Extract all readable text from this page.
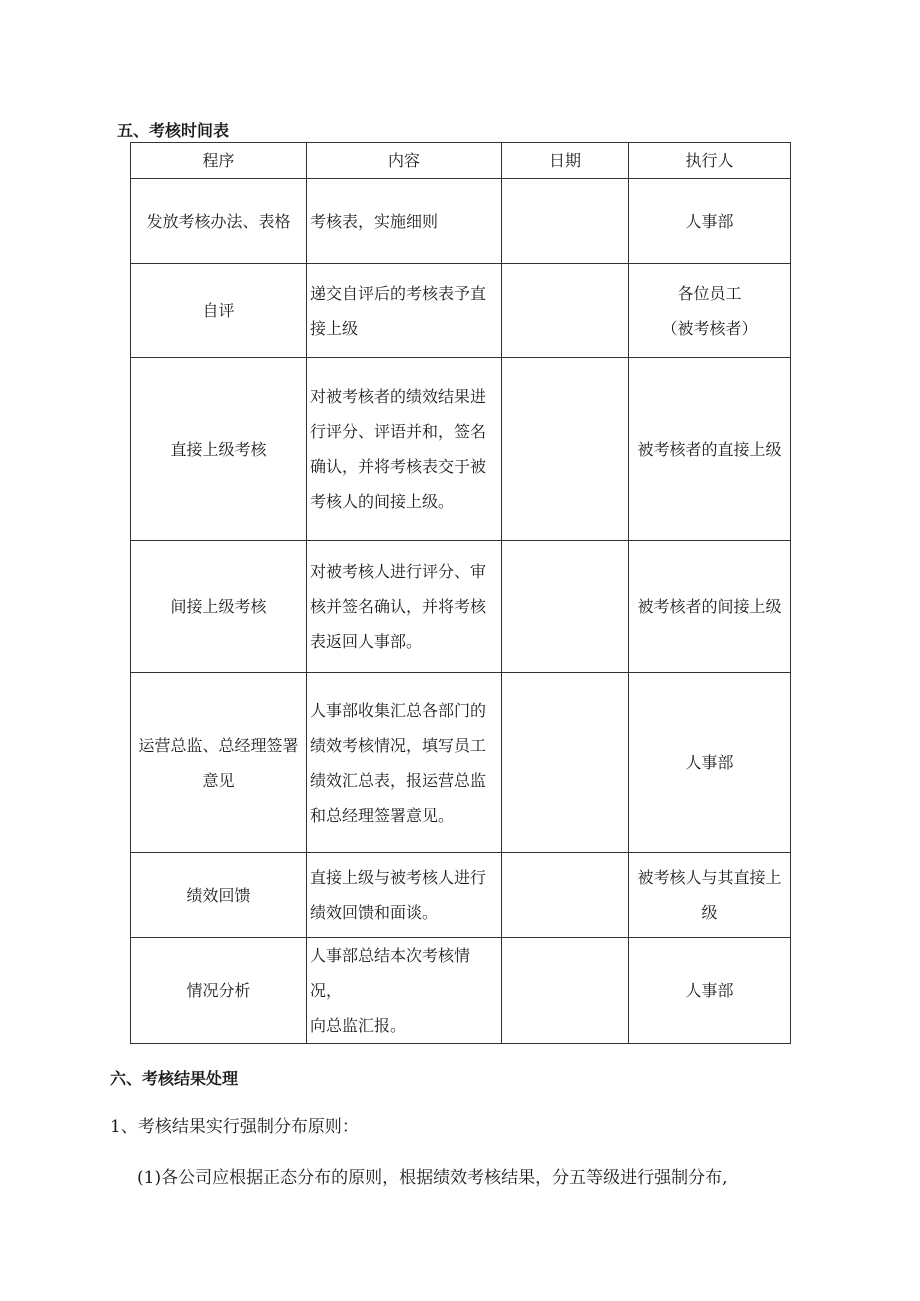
五、考核时间表
程序	内容	日期	执行人

发放考核办法、表格	考核表，实施细则		人事部

自评	递交自评后的考核表予直
接上级		各位员工
（被考核者）

直接上级考核	对被考核者的绩效结果进
行评分、评语并和，签名
确认，并将考核表交于被
考核人的间接上级。		被考核者的直接上级

间接上级考核	对被考核人进行评分、审
核并签名确认，并将考核
表返回人事部。		被考核者的间接上级

运营总监、总经理签署
意见	人事部收集汇总各部门的
绩效考核情况，填写员工
绩效汇总表，报运营总监
和总经理签署意见。		人事部

绩效回馈	直接上级与被考核人进行
绩效回馈和面谈。		被考核人与其直接上
级

情况分析	人事部总结本次考核情况，
向总监汇报。		人事部
六、考核结果处理
1、考核结果实行强制分布原则：
(1)各公司应根据正态分布的原则，根据绩效考核结果，分五等级进行强制分布,
